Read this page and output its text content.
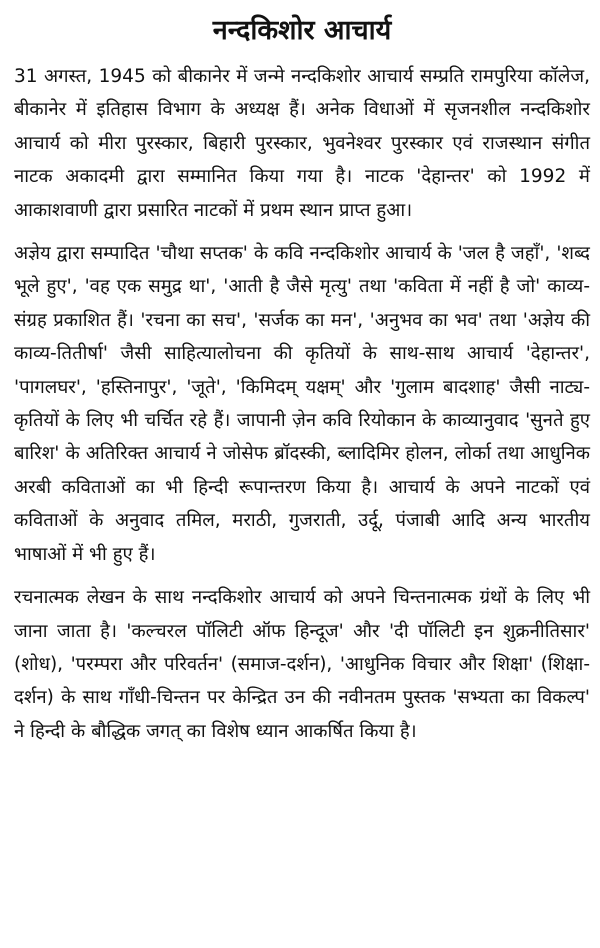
नन्दकिशोर आचार्य

31 अगस्त, 1945 को बीकानेर में जन्मे नन्दकिशोर आचार्य सम्प्रति रामपुरिया कॉलेज, बीकानेर में इतिहास विभाग के अध्यक्ष हैं। अनेक विधाओं में सृजनशील नन्दकिशोर आचार्य को मीरा पुरस्कार, बिहारी पुरस्कार, भुवनेश्वर पुरस्कार एवं राजस्थान संगीत नाटक अकादमी द्वारा सम्मानित किया गया है। नाटक 'देहान्तर' को 1992 में आकाशवाणी द्वारा प्रसारित नाटकों में प्रथम स्थान प्राप्त हुआ।

अज्ञेय द्वारा सम्पादित 'चौथा सप्तक' के कवि नन्दकिशोर आचार्य के 'जल है जहाँ', 'शब्द भूले हुए', 'वह एक समुद्र था', 'आती है जैसे मृत्यु' तथा 'कविता में नहीं है जो' काव्य-संग्रह प्रकाशित हैं। 'रचना का सच', 'सर्जक का मन', 'अनुभव का भव' तथा 'अज्ञेय की काव्य-तितीर्षा' जैसी साहित्यालोचना की कृतियों के साथ-साथ आचार्य 'देहान्तर', 'पागलघर', 'हस्तिनापुर', 'जूते', 'किमिदम् यक्षम्' और 'गुलाम बादशाह' जैसी नाट्य-कृतियों के लिए भी चर्चित रहे हैं। जापानी ज़ेन कवि रियोकान के काव्यानुवाद 'सुनते हुए बारिश' के अतिरिक्त आचार्य ने जोसेफ ब्रॉदस्की, ब्लादिमिर होलन, लोर्का तथा आधुनिक अरबी कविताओं का भी हिन्दी रूपान्तरण किया है। आचार्य के अपने नाटकों एवं कविताओं के अनुवाद तमिल, मराठी, गुजराती, उर्दू, पंजाबी आदि अन्य भारतीय भाषाओं में भी हुए हैं।

रचनात्मक लेखन के साथ नन्दकिशोर आचार्य को अपने चिन्तनात्मक ग्रंथों के लिए भी जाना जाता है। 'कल्चरल पॉलिटी ऑफ हिन्दूज' और 'दी पॉलिटी इन शुक्रनीतिसार' (शोध), 'परम्परा और परिवर्तन' (समाज-दर्शन), 'आधुनिक विचार और शिक्षा' (शिक्षा-दर्शन) के साथ गाँधी-चिन्तन पर केन्द्रित उन की नवीनतम पुस्तक 'सभ्यता का विकल्प' ने हिन्दी के बौद्धिक जगत् का विशेष ध्यान आकर्षित किया है।
